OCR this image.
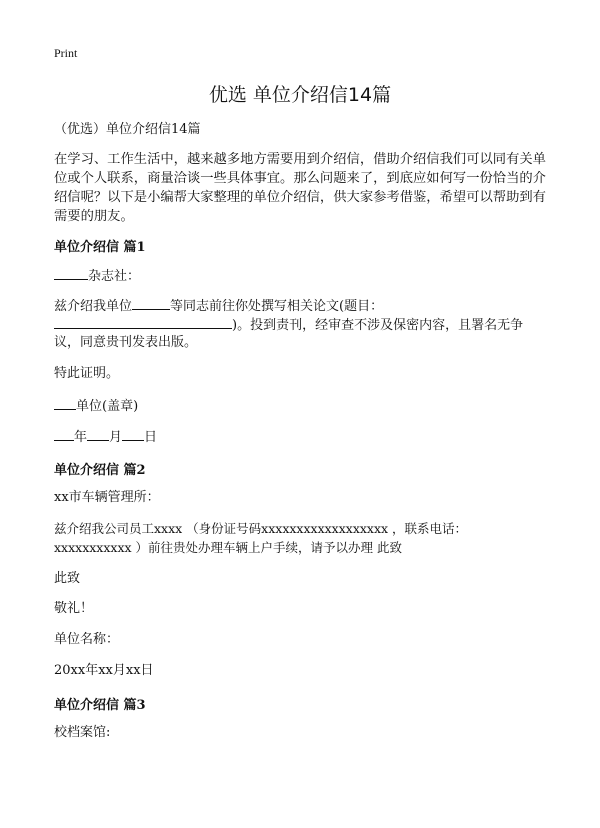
Print
优选 单位介绍信14篇
（优选）单位介绍信14篇
在学习、工作生活中，越来越多地方需要用到介绍信，借助介绍信我们可以同有关单位或个人联系，商量洽谈一些具体事宜。那么问题来了，到底应如何写一份恰当的介绍信呢？以下是小编帮大家整理的单位介绍信，供大家参考借鉴，希望可以帮助到有需要的朋友。
单位介绍信 篇1
杂志社：
兹介绍我单位	等同志前往你处撰写相关论文(题目：
)。投到责刊，经审查不涉及保密内容，且署名无争
议，同意贵刊发表出版。
特此证明。
单位(盖章)
年 月 日
单位介绍信 篇2
xx市车辆管理所：
兹介绍我公司员工xxxx （身份证号码xxxxxxxxxxxxxxxxxx ，联系电话：
xxxxxxxxxxx ）前往贵处办理车辆上户手续，请予以办理 此致
此致
敬礼！
单位名称：
20xx年xx月xx日
单位介绍信 篇3
校档案馆:
